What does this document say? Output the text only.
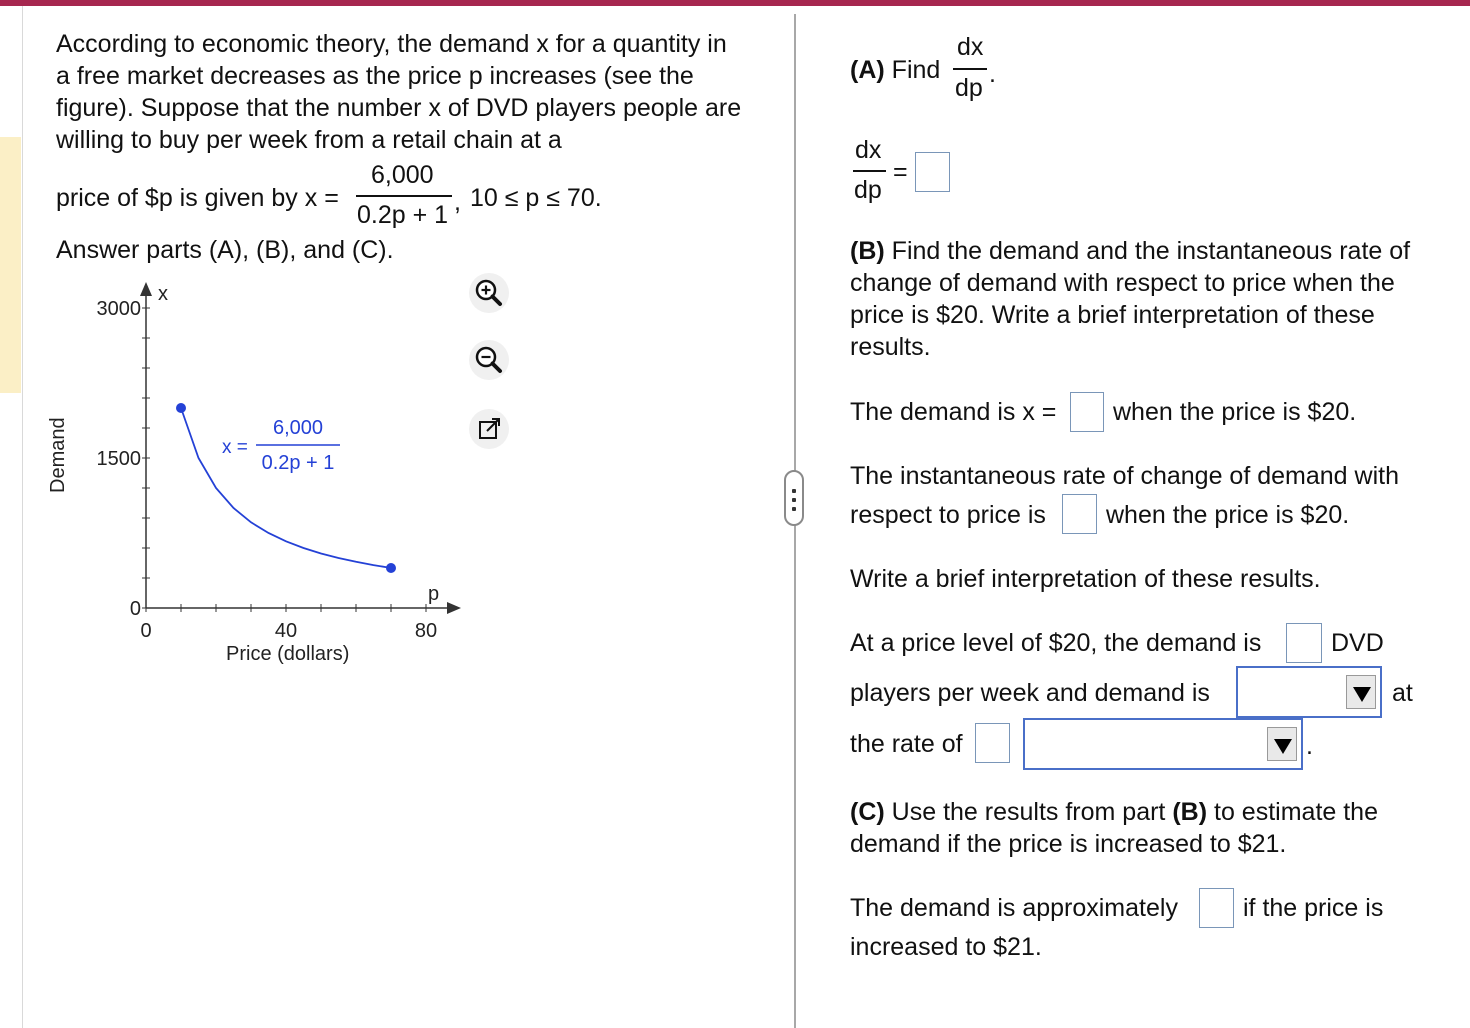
According to economic theory, the demand x for a quantity in a free market decreases as the price p increases (see the figure). Suppose that the number x of DVD players people are willing to buy per week from a retail chain at a
price of $p is given by x =
6,000
0.2p + 1 , 10 ≤ p ≤ 70.
Answer parts (A), (B), and (C).
0	40	80
0
1500
3000
x
p
x =
6,000
0.2p + 1
Demand
Price (dollars)
(A) Find
dx
dp .
dx
dp
=
(B) Find the demand and the instantaneous rate of change of demand with respect to price when the price is $20. Write a brief interpretation of these results.
The demand is x = when the price is $20.
The instantaneous rate of change of demand with
respect to price is when the price is $20.
Write a brief interpretation of these results.
At a price level of $20, the demand is	DVD
players per week and demand is	at
the rate of	.
(C) Use the results from part (B) to estimate the demand if the price is increased to $21.
The demand is approximately	if the price is
increased to $21.
